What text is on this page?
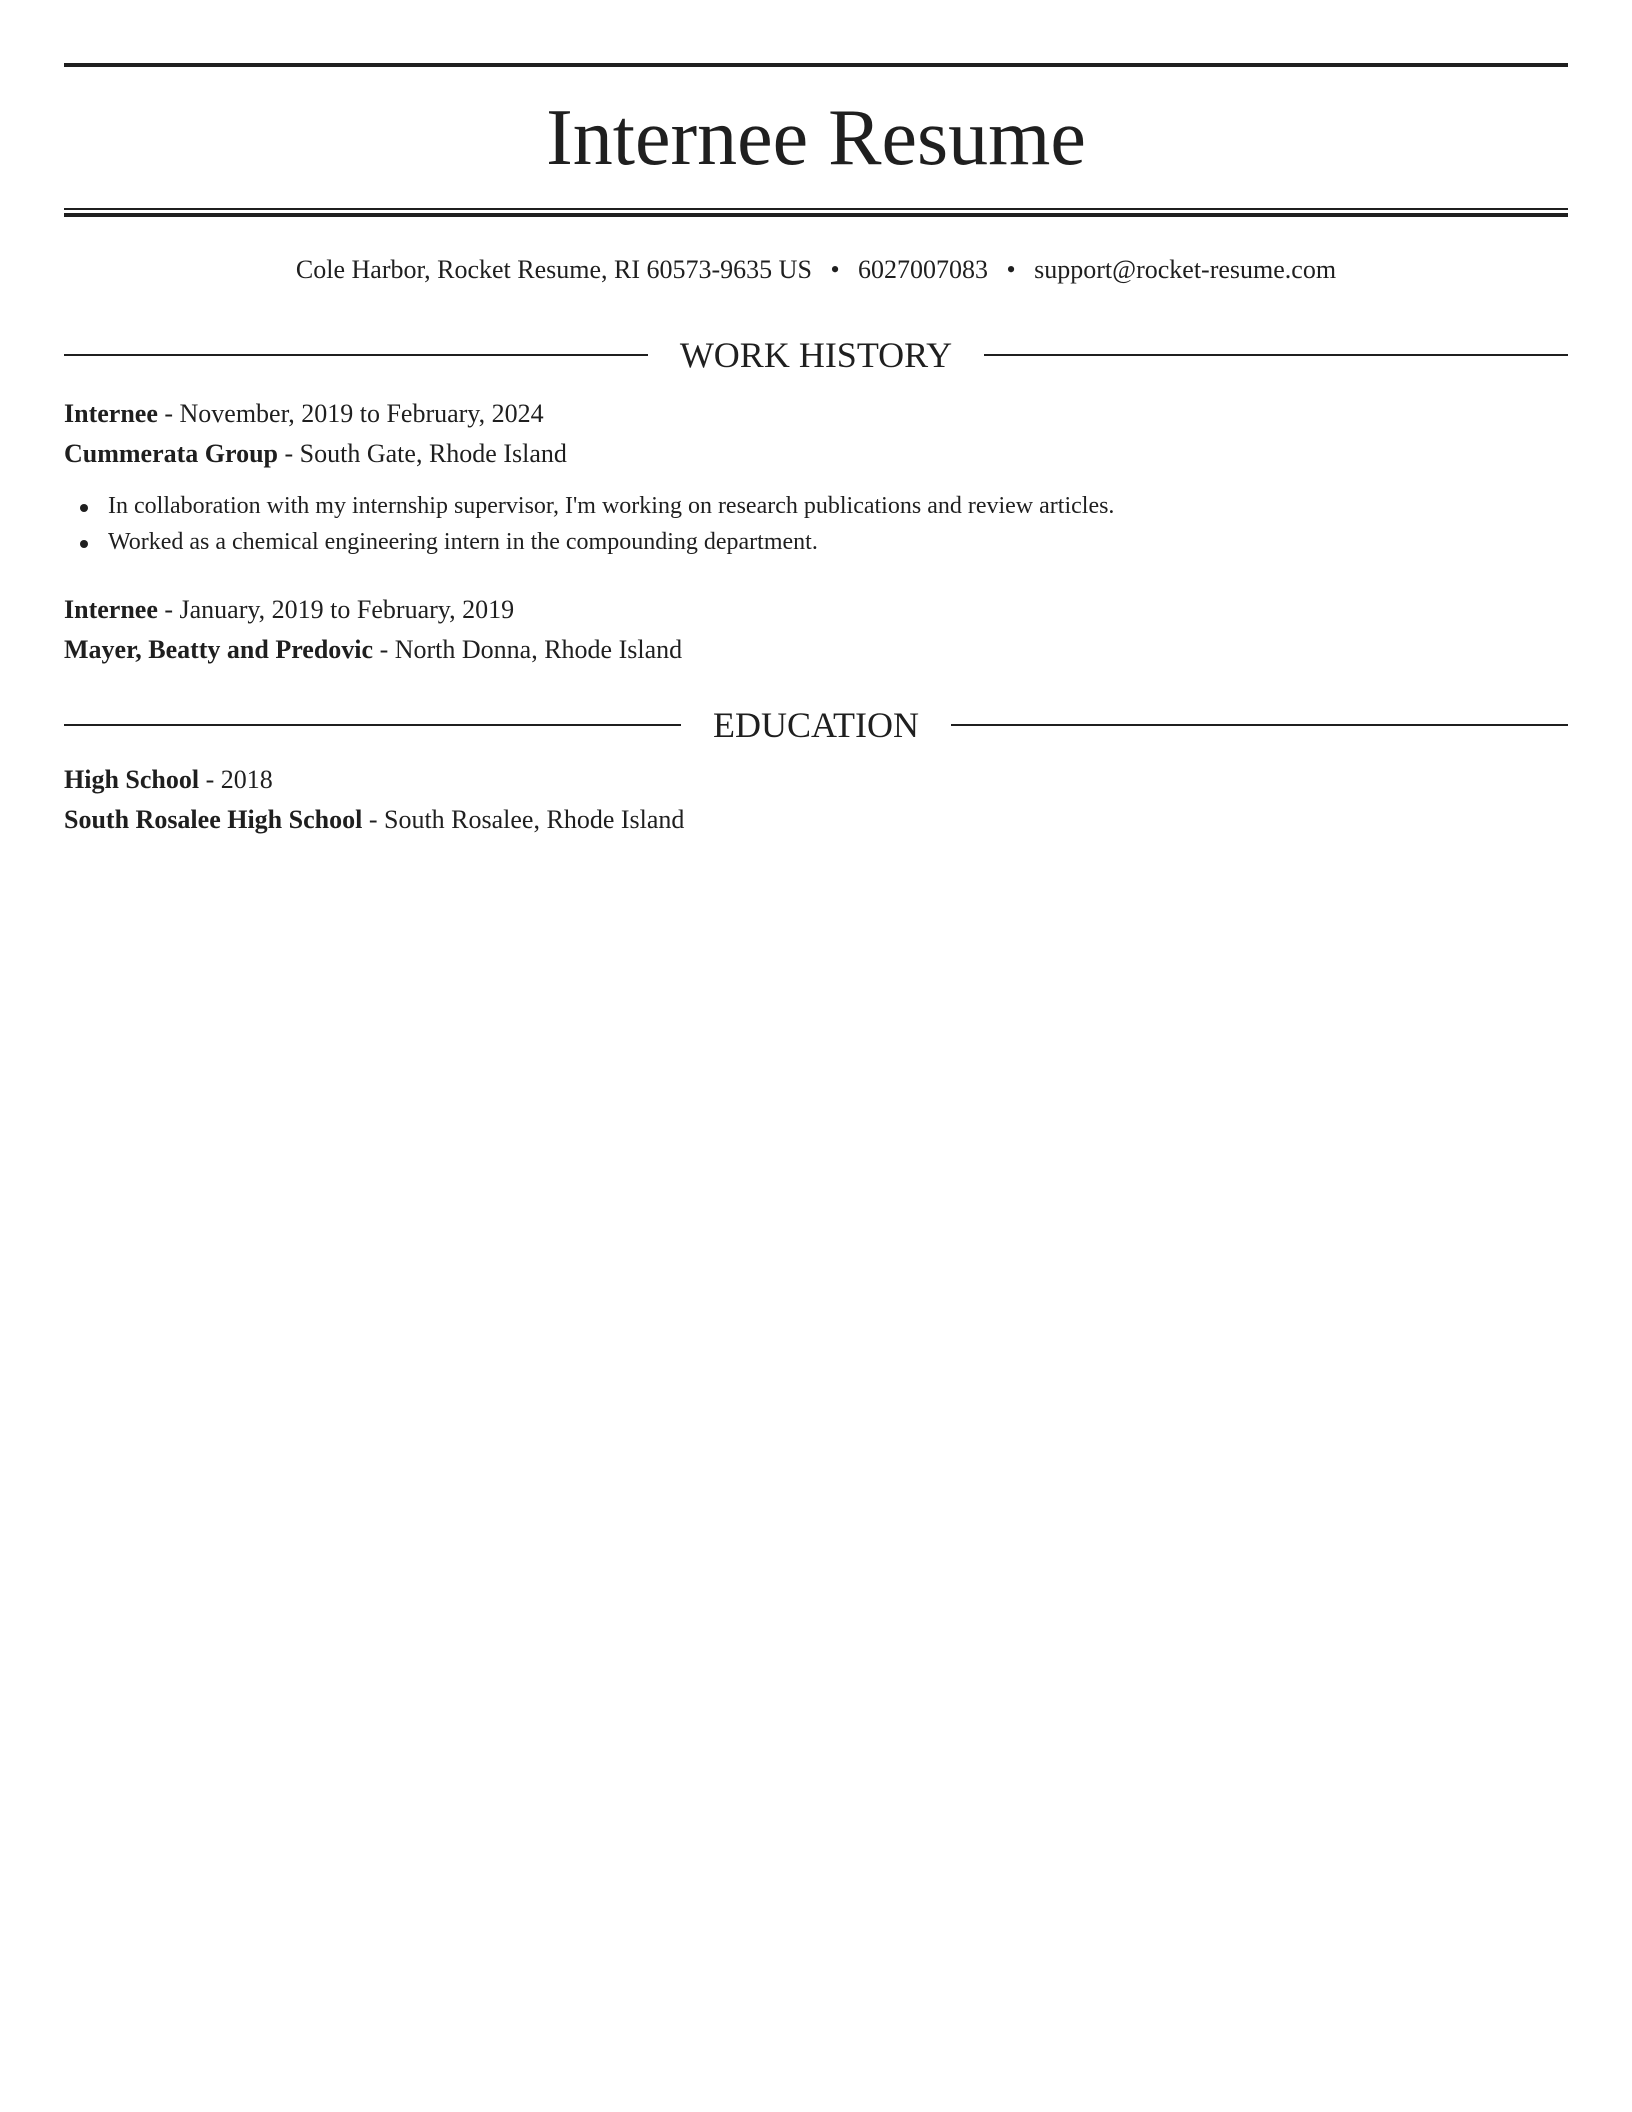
Internee Resume
Cole Harbor, Rocket Resume, RI 60573-9635 US • 6027007083 • support@rocket-resume.com
WORK HISTORY
Internee - November, 2019 to February, 2024
Cummerata Group - South Gate, Rhode Island
In collaboration with my internship supervisor, I'm working on research publications and review articles.
Worked as a chemical engineering intern in the compounding department.
Internee - January, 2019 to February, 2019
Mayer, Beatty and Predovic - North Donna, Rhode Island
EDUCATION
High School - 2018
South Rosalee High School - South Rosalee, Rhode Island
